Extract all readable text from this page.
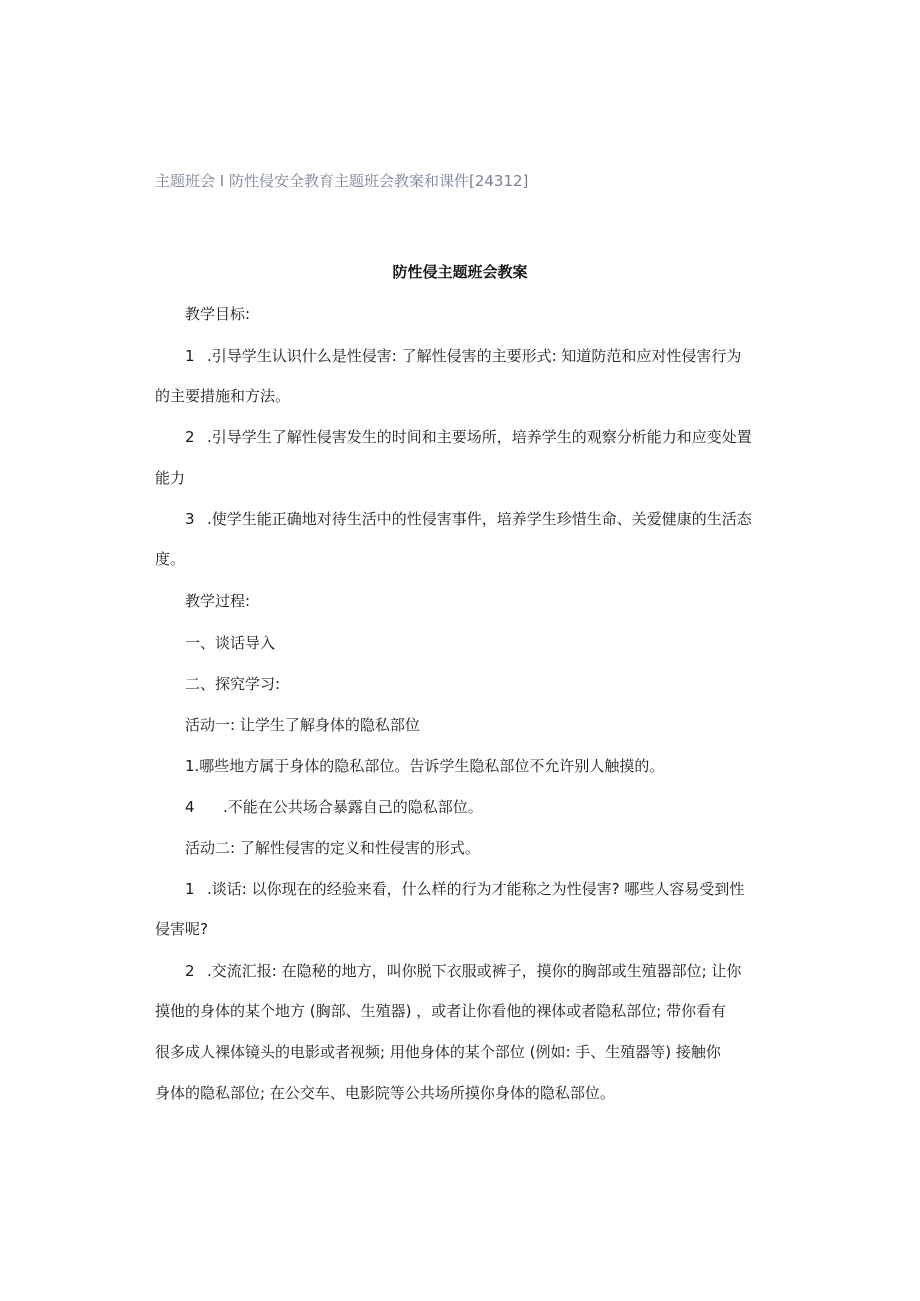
主题班会 I 防性侵安全教育主题班会教案和课件[24312]
防性侵主题班会教案
教学目标:
1 .引导学生认识什么是性侵害: 了解性侵害的主要形式: 知道防范和应对性侵害行为
的主要措施和方法。
2 .引导学生了解性侵害发生的时间和主要场所，培养学生的观察分析能力和应变处置
能力
3 .使学生能正确地对待生活中的性侵害事件，培养学生珍惜生命、关爱健康的生活态
度。
教学过程:
一、谈话导入
二、探究学习:
活动一: 让学生了解身体的隐私部位
1.哪些地方属于身体的隐私部位。告诉学生隐私部位不允许别人触摸的。
4 .不能在公共场合暴露自己的隐私部位。
活动二: 了解性侵害的定义和性侵害的形式。
1 .谈话: 以你现在的经验来看，什么样的行为才能称之为性侵害? 哪些人容易受到性
侵害呢?
2 .交流汇报: 在隐秘的地方，叫你脱下衣服或裤子，摸你的胸部或生殖器部位; 让你
摸他的身体的某个地方 (胸部、生殖器) ，或者让你看他的裸体或者隐私部位; 带你看有
很多成人裸体镜头的电影或者视频; 用他身体的某个部位 (例如: 手、生殖器等) 接触你
身体的隐私部位; 在公交车、电影院等公共场所摸你身体的隐私部位。
